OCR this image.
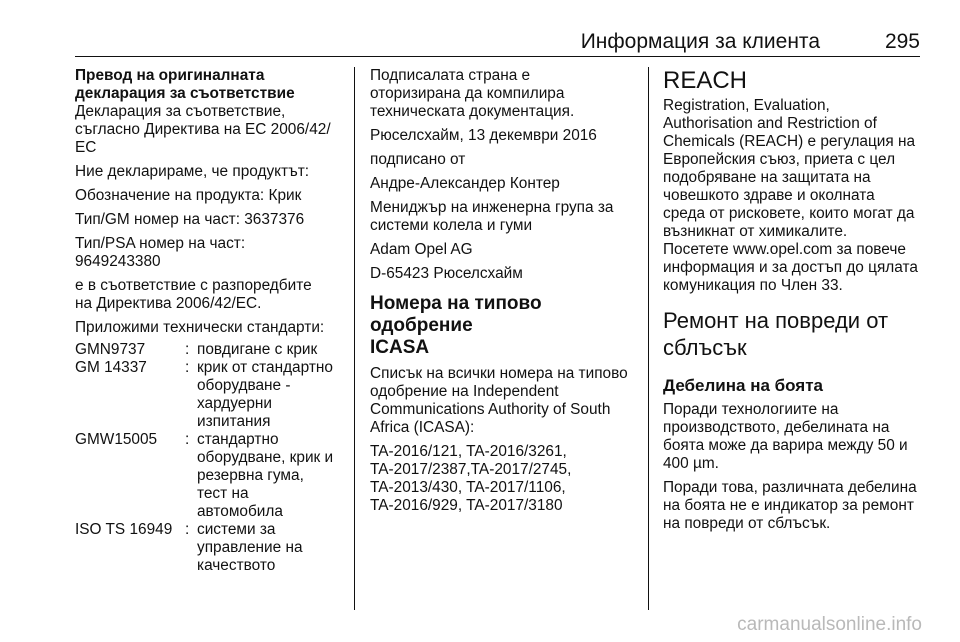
Информация за клиента	295
Превод на оригиналната
декларация за съответствие

Декларация за съответствие,
съгласно Директива на ЕС 2006/42/
ЕС

Ние декларираме, че продуктът:

Обозначение на продукта: Крик

Тип/GM номер на част: 3637376

Тип/PSA номер на част:
9649243380

е в съответствие с разпоредбите
на Директива 2006/42/EC.

Приложими технически стандарти:

GMN9737	: повдигане с крик
GM 14337	: крик от стандартно
оборудване -
хардуерни
изпитания
GMW15005	: стандартно
оборудване, крик и
резервна гума,
тест на
автомобила
ISO TS 16949 : системи за
управление на
качеството

Подписалата страна е
оторизирана да компилира
техническата документация.

Рюселсхайм, 13 декември 2016

подписано от

Андре-Александер Контер

Мениджър на инженерна група за
системи колела и гуми

Adam Opel AG

D-65423 Рюселсхайм

Номера на типово одобрение
ICASA

Списък на всички номера на типово
одобрение на Independent
Communications Authority of South
Africa (ICASA):

TA-2016/121, TA-2016/3261,
TA-2017/2387,TA-2017/2745,
TA-2013/430, TA-2017/1106,
TA-2016/929, TA-2017/3180

REACH

Registration, Evaluation,
Authorisation and Restriction of
Chemicals (REACH) е регулация на
Европейския съюз, приета с цел
подобряване на защитата на
човешкото здраве и околната
среда от рисковете, които могат да
възникнат от химикалите.
Посетете www.opel.com за повече
информация и за достъп до цялата
комуникация по Член 33.

Ремонт на повреди от
сблъсък
Дебелина на боята

Поради технологиите на
производството, дебелината на
боята може да варира между 50 и
400 µm.

Поради това, различната дебелина
на боята не е индикатор за ремонт
на повреди от сблъсък.

carmanualsonline.info
